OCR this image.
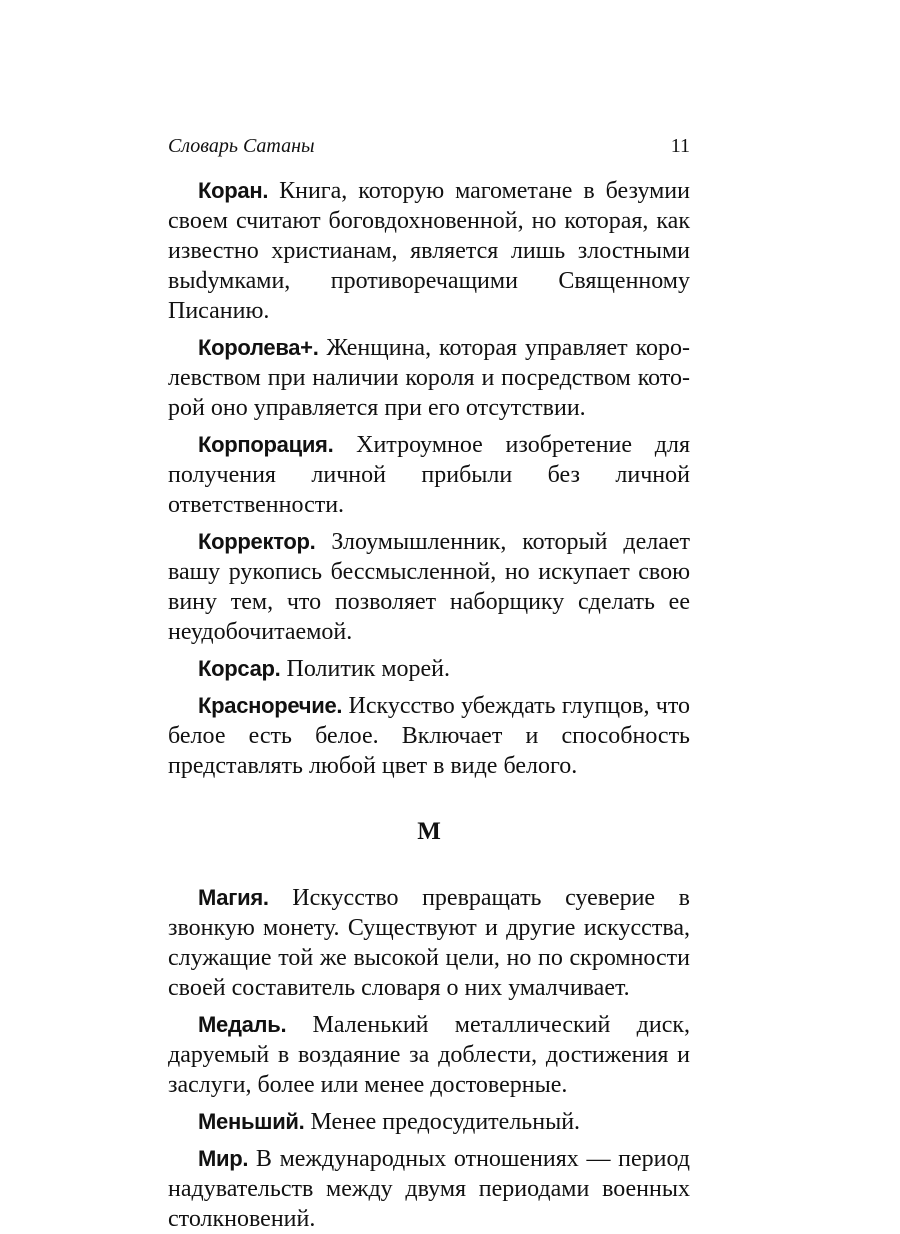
Словарь Сатаны	11

Коран. Книга, которую магометане в безумии своем считают боговдохновенной, но которая, как известно христианам, является лишь злостными выdумками, противоречащими Священному Писанию.

Королева+. Женщина, которая управляет королевством при наличии короля и посредством которой оно управляется при его отсутствии.

Корпорация. Хитроумное изобретение для получения личной прибыли без личной ответственности.

Корректор. Злоумышленник, который делает вашу рукопись бессмысленной, но искупает свою вину тем, что позволяет наборщику сделать ее неудобочитаемой.

Корсар. Политик морей.

Красноречие. Искусство убеждать глупцов, что белое есть белое. Включает и способность представлять любой цвет в виде белого.

М

Магия. Искусство превращать суеверие в звонкую монету. Существуют и другие искусства, служащие той же высокой цели, но по скромности своей составитель словаря о них умалчивает.

Медаль. Маленький металлический диск, даруемый в воздаяние за доблести, достижения и заслуги, более или менее достоверные.

Меньший. Менее предосудительный.

Мир. В международных отношениях — период надувательств между двумя периодами военных столкновений.
